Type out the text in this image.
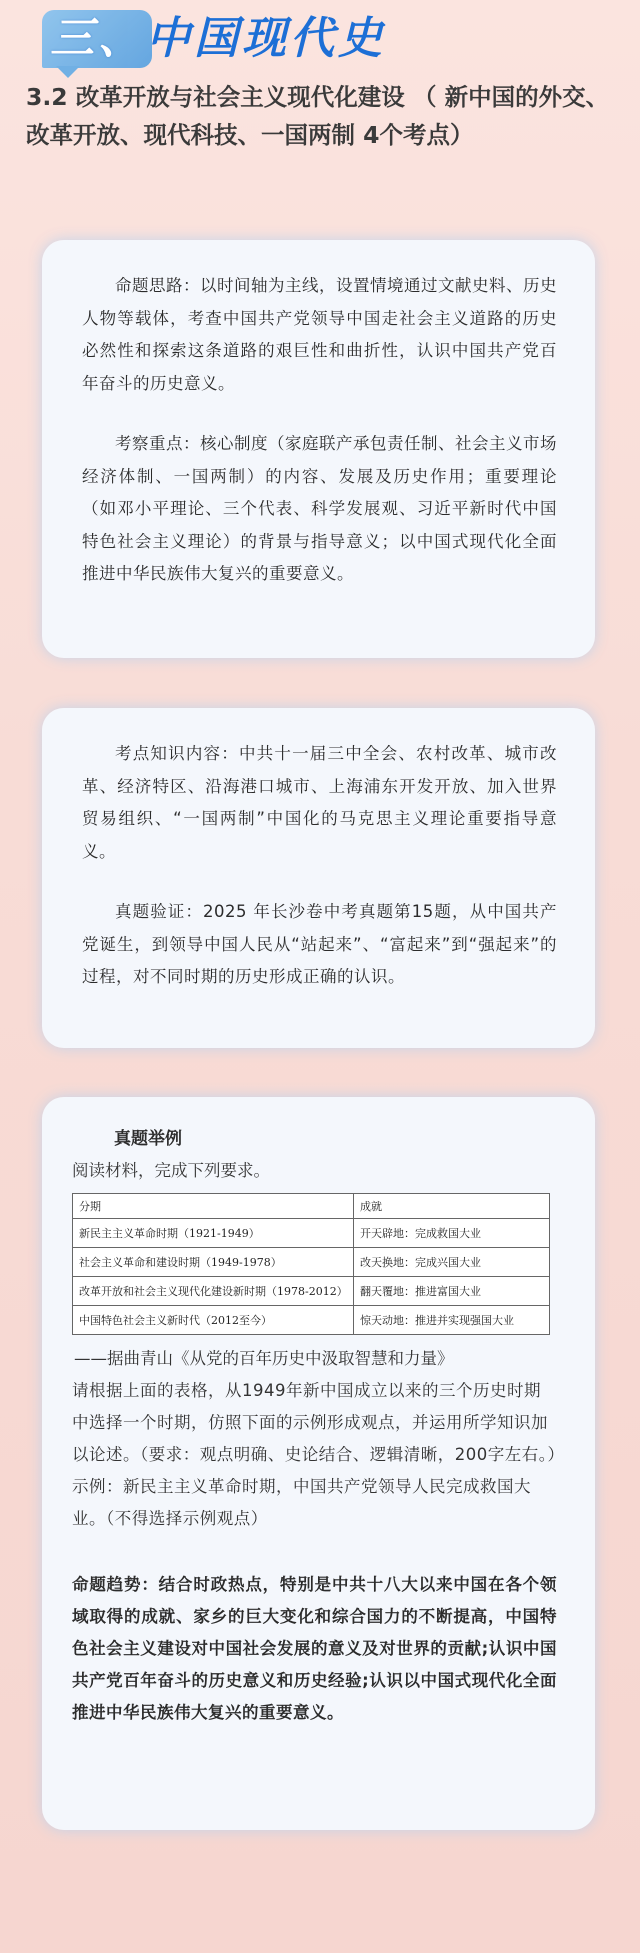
三、中国现代史
3.2 改革开放与社会主义现代化建设 （ 新中国的外交、改革开放、现代科技、一国两制 4个考点）

命题思路：以时间轴为主线，设置情境通过文献史料、历史人物等载体，考查中国共产党领导中国走社会主义道路的历史必然性和探索这条道路的艰巨性和曲折性，认识中国共产党百年奋斗的历史意义。

考察重点：核心制度（家庭联产承包责任制、社会主义市场经济体制、一国两制）的内容、发展及历史作用；重要理论（如邓小平理论、三个代表、科学发展观、习近平新时代中国特色社会主义理论）的背景与指导意义；以中国式现代化全面推进中华民族伟大复兴的重要意义。

考点知识内容：中共十一届三中全会、农村改革、城市改革、经济特区、沿海港口城市、上海浦东开发开放、加入世界贸易组织、“一国两制”中国化的马克思主义理论重要指导意义。

真题验证：2025 年长沙卷中考真题第15题，从中国共产党诞生，到领导中国人民从“站起来”、“富起来”到“强起来”的过程，对不同时期的历史形成正确的认识。

真题举例
阅读材料，完成下列要求。
分期	成就
新民主主义革命时期（1921-1949）	开天辟地：完成救国大业
社会主义革命和建设时期（1949-1978）	改天换地：完成兴国大业
改革开放和社会主义现代化建设新时期（1978-2012）	翻天覆地：推进富国大业
中国特色社会主义新时代（2012至今）	惊天动地：推进并实现强国大业
——据曲青山《从党的百年历史中汲取智慧和力量》
请根据上面的表格，从1949年新中国成立以来的三个历史时期中选择一个时期，仿照下面的示例形成观点，并运用所学知识加以论述。（要求：观点明确、史论结合、逻辑清晰，200字左右。）
示例：新民主主义革命时期，中国共产党领导人民完成救国大业。（不得选择示例观点）
命题趋势：结合时政热点，特别是中共十八大以来中国在各个领域取得的成就、家乡的巨大变化和综合国力的不断提高，中国特色社会主义建设对中国社会发展的意义及对世界的贡献;认识中国共产党百年奋斗的历史意义和历史经验;认识以中国式现代化全面推进中华民族伟大复兴的重要意义。
